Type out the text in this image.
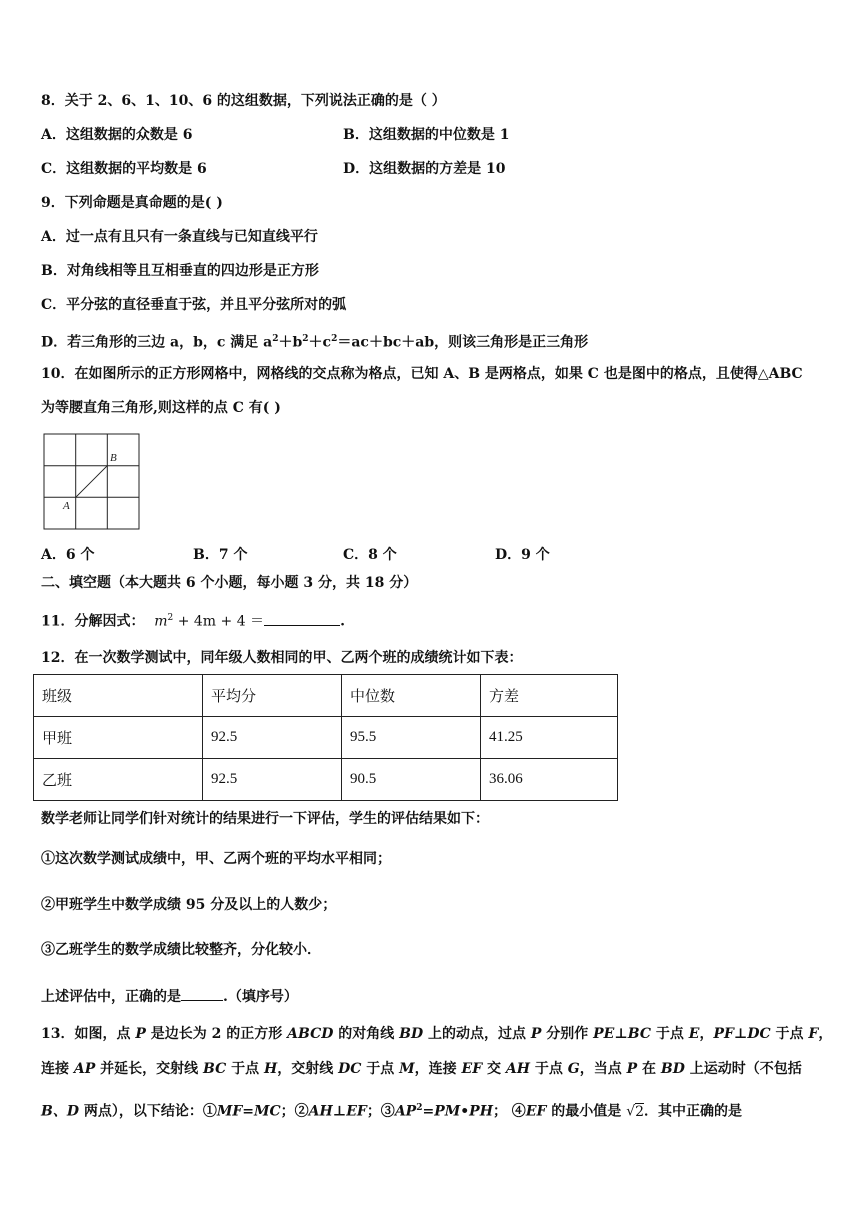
8．关于 2、6、1、10、6 的这组数据，下列说法正确的是（ ）
A．这组数据的众数是 6	B．这组数据的中位数是 1
C．这组数据的平均数是 6	D．这组数据的方差是 10
9．下列命题是真命题的是( )
A．过一点有且只有一条直线与已知直线平行
B．对角线相等且互相垂直的四边形是正方形
C．平分弦的直径垂直于弦，并且平分弦所对的弧
D．若三角形的三边 a，b，c 满足 $a^2+b^2+c^2=ac+bc+ab$，则该三角形是正三角形
10．在如图所示的正方形网格中，网格线的交点称为格点，已知 A、B 是两格点，如果 C 也是图中的格点，且使得△ABC
为等腰直角三角形,则这样的点 C 有( )
B
A
A．6 个	B．7 个	C．8 个	D．9 个
二、填空题（本大题共 6 个小题，每小题 3 分，共 18 分）
11．分解因式： $m^2 + 4m + 4$ ＝	.
12．在一次数学测试中，同年级人数相同的甲、乙两个班的成绩统计如下表：
班级	平均分	中位数	方差
甲班	92.5	95.5	41.25
乙班	92.5	90.5	36.06
数学老师让同学们针对统计的结果进行一下评估，学生的评估结果如下：
①这次数学测试成绩中，甲、乙两个班的平均水平相同；
②甲班学生中数学成绩 95 分及以上的人数少；
③乙班学生的数学成绩比较整齐，分化较小．
上述评估中，正确的是	.（填序号）
13．如图，点 P 是边长为 2 的正方形 ABCD 的对角线 BD 上的动点，过点 P 分别作 PE⊥BC 于点 E，PF⊥DC 于点 F，
连接 AP 并延长，交射线 BC 于点 H，交射线 DC 于点 M，连接 EF 交 AH 于点 G，当点 P 在 BD 上运动时（不包括
B、D 两点），以下结论：①MF=MC；②AH⊥EF；$③AP^2=PM•PH$； ④EF 的最小值是 √2．其中正确的是
